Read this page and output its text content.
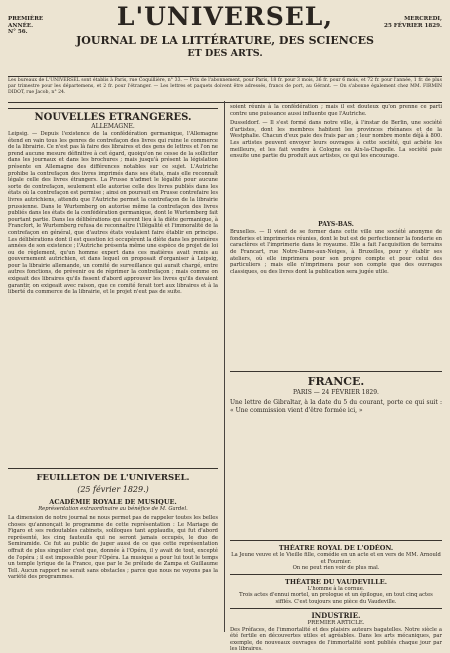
PREMIÈRE ANNÉE.
N° 56.
L'UNIVERSEL,	MERCREDI,
25 FÉVRIER 1829.
JOURNAL DE LA LITTÉRATURE, DES SCIENCES
ET DES ARTS.
Les bureaux de L'UNIVERSEL sont établis à Paris, rue Coquillière, n° 33. — Prix de l'abonnement, pour Paris, 18 fr. pour 3 mois, 36 fr. pour 6 mois, et 72 fr. pour l'année, 1 fr. de plus par trimestre pour les départemens, et 2 fr. pour l'étranger. — Les lettres et paquets doivent être adressés, francs de port, au Gérant. — On s'abonne également chez MM. FIRMIN DIDOT, rue Jacob, n° 24.

NOUVELLES ETRANGERES.

ALLEMAGNE.

Leipsig. — Depuis l'existence de la confédération germanique, l'Allemagne étend en vain tous les genres de contrefaçon des livres qui ruine le commerce de la librairie. Ce n'est pas là faire des libraires et des gens de lettres et l'on ne prend aucune mesure définitive à cet égard, quoiqu'on ne cesse de la solliciter dans les journaux et dans les brochures ; mais jusqu'à présent la législation présente en Allemagne des différences notables sur ce sujet. L'Autriche prohibe la contrefaçon des livres imprimés dans ses états, mais elle reconnaît légale celle des livres étrangers. La Prusse n'admet le légalité pour aucune sorte de contrefaçon, seulement elle autorise celle des livres publiés dans les états où la contrefaçon est permise ; ainsi on poursuit en Prusse contrefaire les livres autrichiens, attendu que l'Autriche permet la contrefaçon de la librairie prussienne. Dans le Wurtemberg on autorise même la contrefaçon des livres publiés dans les états de la confédération germanique, dont le Wurtemberg fait pourtant partie. Dans les délibérations qui eurent lieu à la diète germanique, à Francfort, le Wurtemberg refusa de reconnaître l'illégalité et l'immoralité de la contrefaçon en général, que d'autres états voulaient faire établir en principe. Les délibérations dont il est question ici occupèrent la diète dans les premières années de son existence ; l'Autriche présenta même une espèce de projet de loi ou de règlement, qu'un homme expert dans ces matières avait remis au gouvernement autrichien, et dans lequel on proposait d'organiser à Leipsig, pour la librairie allemande, un comité de surveillance qui aurait chargé, entre autres fonctions, de prévenir ou de réprimer la contrefaçon ; mais comme on exigeait des libraires qu'ils fissent d'abord approuver les livres qu'ils devaient garantir, on exigeait avec raison, que ce comité ferait tort aux libraires et à la liberté du commerce de la librairie, et le projet n'eut pas de suite.

FEUILLETON DE L'UNIVERSEL.

(25 février 1829.)

ACADÉMIE ROYALE DE MUSIQUE.

Représentation extraordinaire au bénéfice de M. Gardel.

La dimension de notre journal ne nous permet pas de rappeler toutes les belles choses qu'annonçait le programme de cette représentation : Le Mariage de Figaro et ses redoutables cabinets, soliloques tant applaudis, qui fut d'abord représenté, les cinq fauteuils qui ne seront jamais occupés, le duo de Semiramide. Ce fut au public de juger aussi de ce que cette représentation offrait de plus singulier c'est que, donnée à l'Opéra, il y avait de tout, excepté de l'opéra ; il est impossible pour l'Opéra. La musique a pour lui tout le temps un temple lyrique de la France, que par le 3e prélude de Zampa et Guillaume Tell. Aucun rapport ne serait sans obstacles ; parce que nous ne voyons pas la variété des programmes.
soient réunis à la confédération ; mais il est douteux qu'on prenne ce parti contre une puissance aussi influente que l'Autriche.
Dusseldorf. — Il s'est formé dans notre ville, à l'instar de Berlin, une société d'artistes, dont les membres habitent les provinces rhénanes et de la Westphalie. Chacun d'eux paie des frais par an ; leur nombre monte déjà à 800. Les artistes peuvent envoyer leurs ouvrages à cette société, qui achète les meilleurs, et les fait vendre à Cologne ou Aix-la-Chapelle. La société paie ensuite une partie du produit aux artistes, ce qui les encourage.

PAYS-BAS.

Bruxelles. — Il vient de se former dans cette ville une société anonyme de fonderies et imprimeries réunies, dont le but est de perfectionner la fonderie en caractères et l'imprimerie dans le royaume. Elle a fait l'acquisition de terrains de Francart, rue Notre-Dame-aux-Neiges, à Bruxelles, pour y établir ses ateliers, où elle imprimera pour son propre compte et pour celui des particuliers ; mais elle n'imprimera pour son compte que des ouvrages classiques, ou des livres dont la publication sera jugée utile.

FRANCE.

PARIS — 24 FÉVRIER 1829.

Une lettre de Gibraltar, à la date du 5 du courant, porte ce qui suit : « Une commission vient d'être formée ici, »

THÉATRE ROYAL DE L'ODÉON.

La Jeune veuve et le Vieille fille, comédie en un acte et en vers de MM. Arnould et Fournier.
On ne peut rien voir de plus mal.

THÉATRE DU VAUDEVILLE.

L'homme à la cornue.
Trois actes d'ennui mortel, un prologue et un épilogue, en tout cinq actes sifflés. C'est toujours une pièce du Vaudeville.

INDUSTRIE.

PREMIER ARTICLE.

Des Préfaces, de l'immortalité et des plaisirs auteurs bagatelles. Notre siècle a été fertile en découvertes utiles et agréables. Dans les arts mécaniques, par exemple, de nouveaux ouvrages de l'immortalité sont publiés chaque jour par les libraires.
